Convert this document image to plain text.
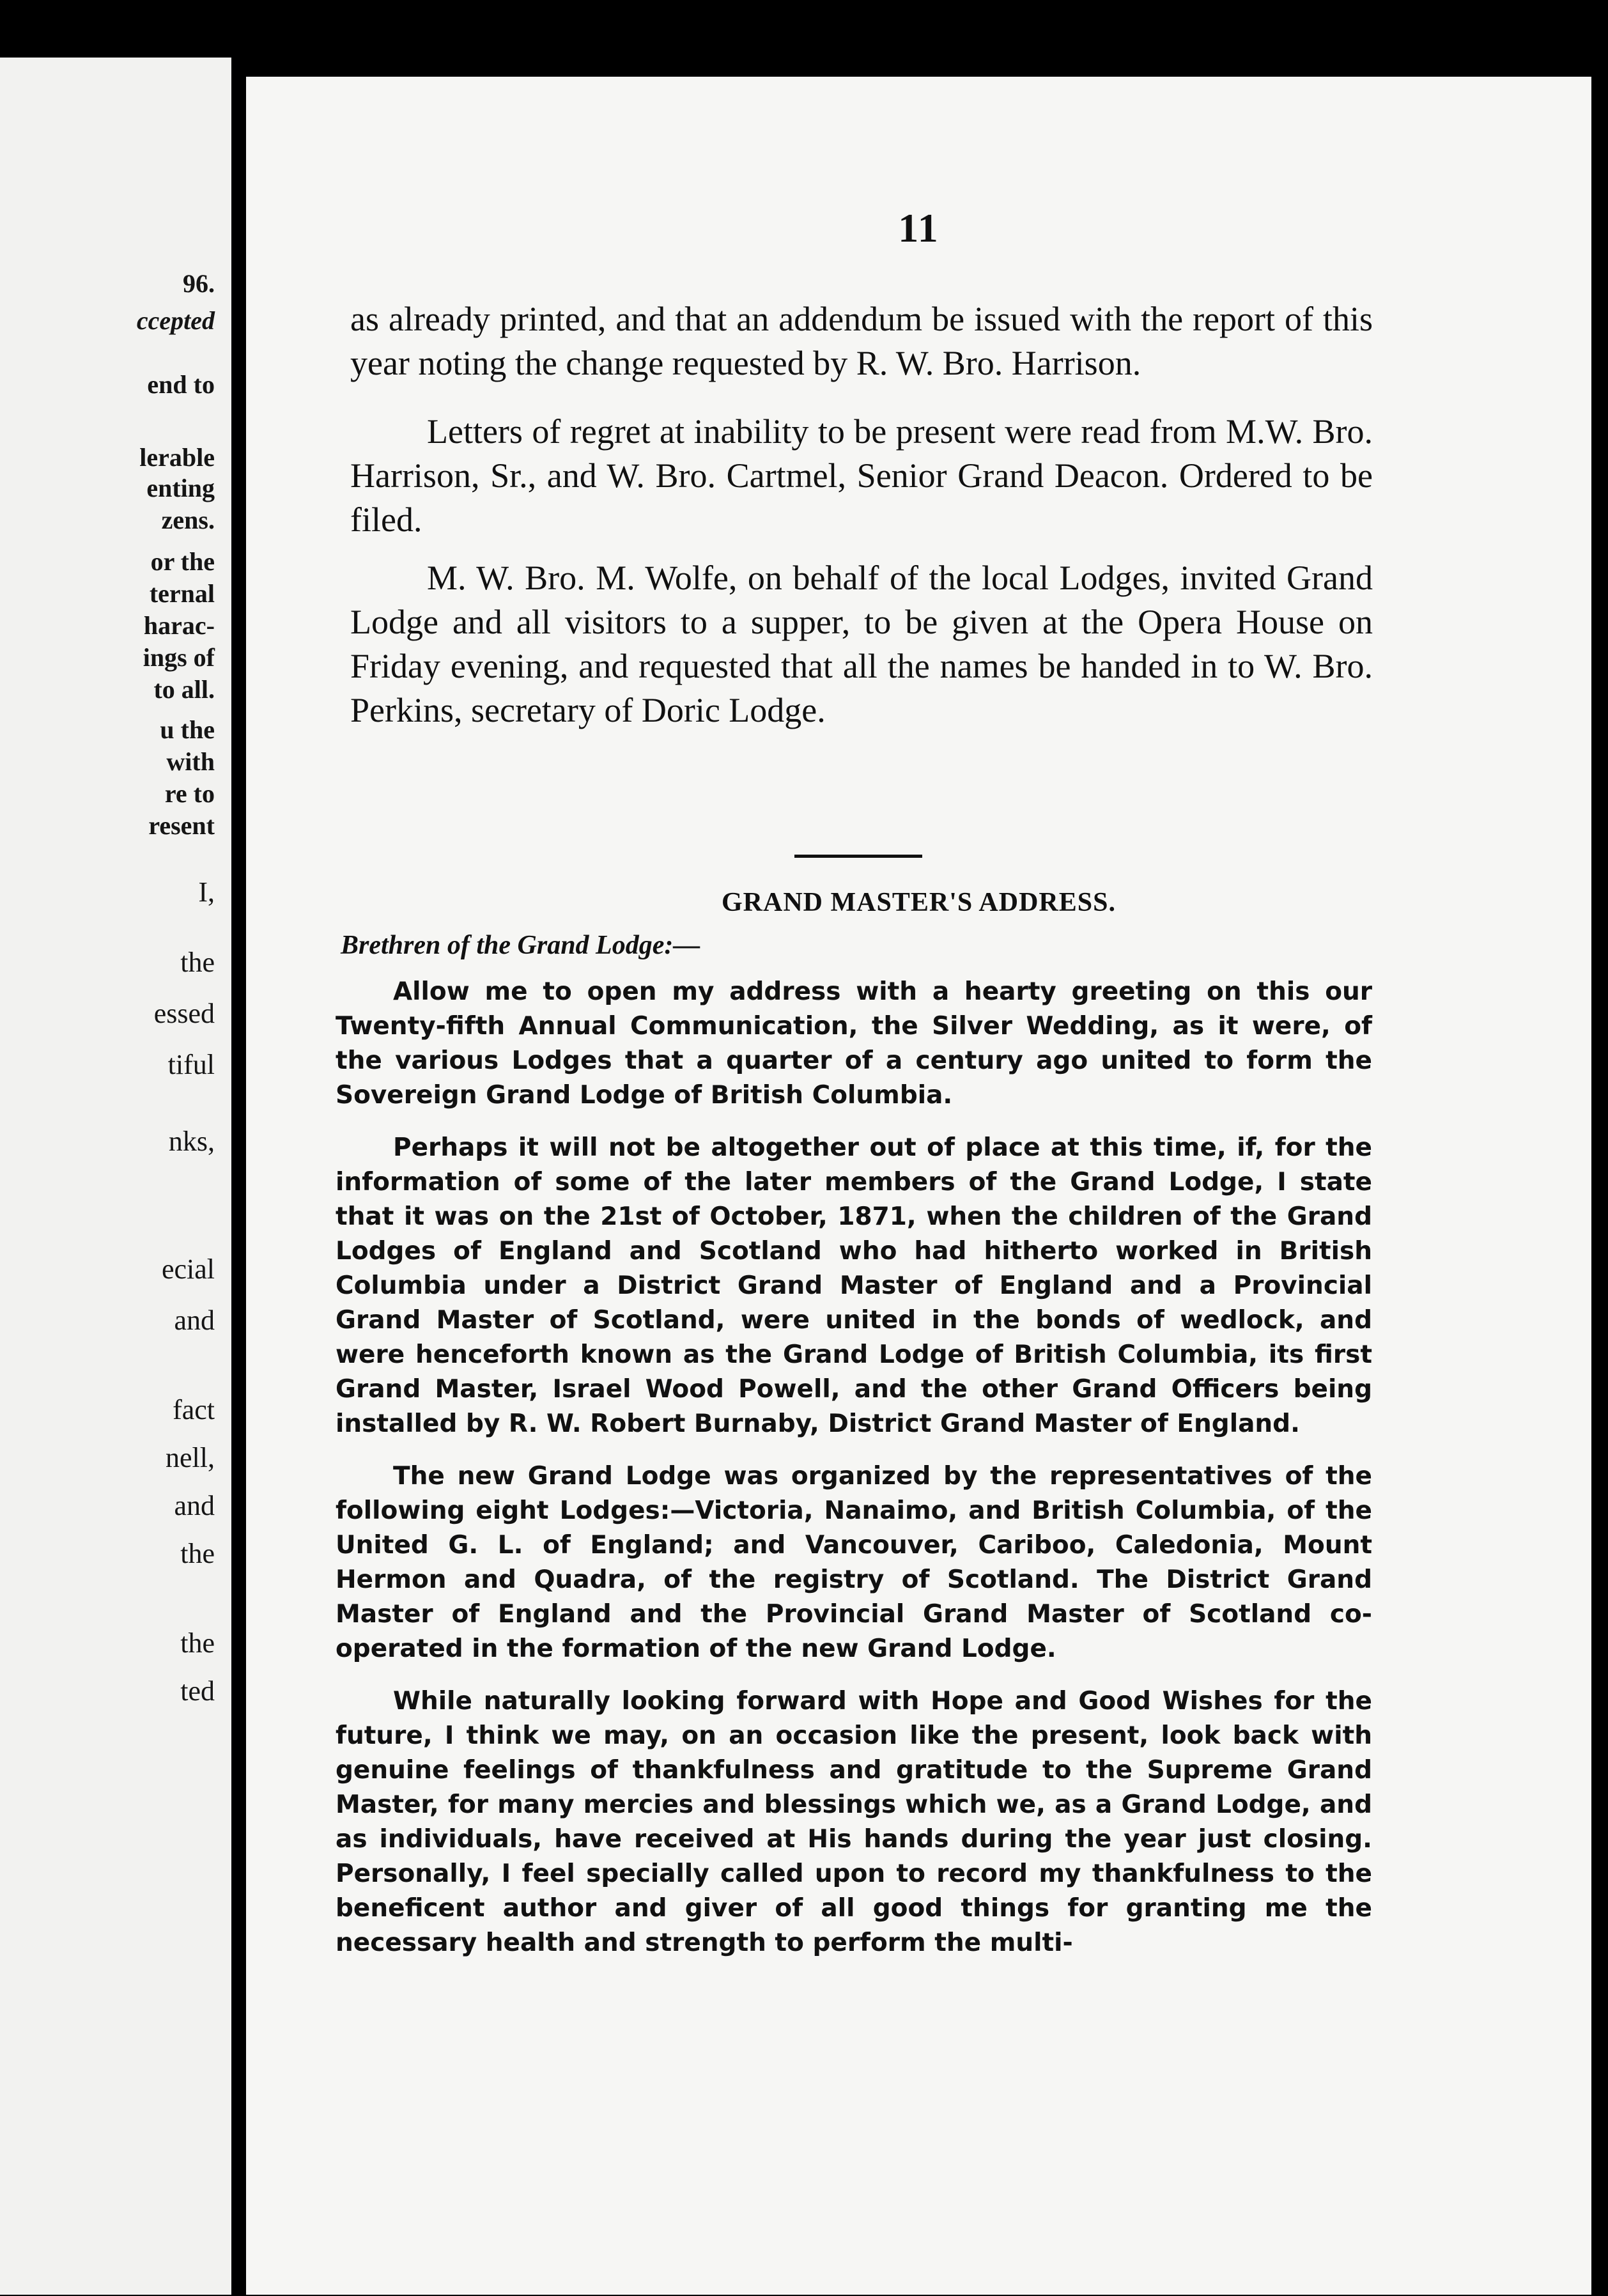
96.
ccepted
end to
lerable
enting
zens.
or the
ternal
harac-
ings of
to all.
u the
with
re to
resent
I,
the
essed
tiful
nks,
ecial
and
fact
nell,
and
the
the
ted
11

as already printed, and that an addendum be issued with the report of this year noting the change requested by R. W. Bro. Harrison.

Letters of regret at inability to be present were read from M.W. Bro. Harrison, Sr., and W. Bro. Cartmel, Senior Grand Deacon. Ordered to be filed.

M. W. Bro. M. Wolfe, on behalf of the local Lodges, invited Grand Lodge and all visitors to a supper, to be given at the Opera House on Friday evening, and requested that all the names be handed in to W. Bro. Perkins, secretary of Doric Lodge.

GRAND MASTER'S ADDRESS.
Brethren of the Grand Lodge:—

Allow me to open my address with a hearty greeting on this our Twenty-fifth Annual Communication, the Silver Wedding, as it were, of the various Lodges that a quarter of a century ago united to form the Sovereign Grand Lodge of British Columbia.

Perhaps it will not be altogether out of place at this time, if, for the information of some of the later members of the Grand Lodge, I state that it was on the 21st of October, 1871, when the children of the Grand Lodges of England and Scotland who had hitherto worked in British Columbia under a District Grand Master of England and a Provincial Grand Master of Scotland, were united in the bonds of wedlock, and were henceforth known as the Grand Lodge of British Columbia, its first Grand Master, Israel Wood Powell, and the other Grand Officers being installed by R. W. Robert Burnaby, District Grand Master of England.

The new Grand Lodge was organized by the representatives of the following eight Lodges:—Victoria, Nanaimo, and British Columbia, of the United G. L. of England; and Vancouver, Cariboo, Caledonia, Mount Hermon and Quadra, of the registry of Scotland. The District Grand Master of England and the Provincial Grand Master of Scotland co-operated in the formation of the new Grand Lodge.

While naturally looking forward with Hope and Good Wishes for the future, I think we may, on an occasion like the present, look back with genuine feelings of thankfulness and gratitude to the Supreme Grand Master, for many mercies and blessings which we, as a Grand Lodge, and as individuals, have received at His hands during the year just closing. Personally, I feel specially called upon to record my thankfulness to the beneficent author and giver of all good things for granting me the necessary health and strength to perform the multi-
